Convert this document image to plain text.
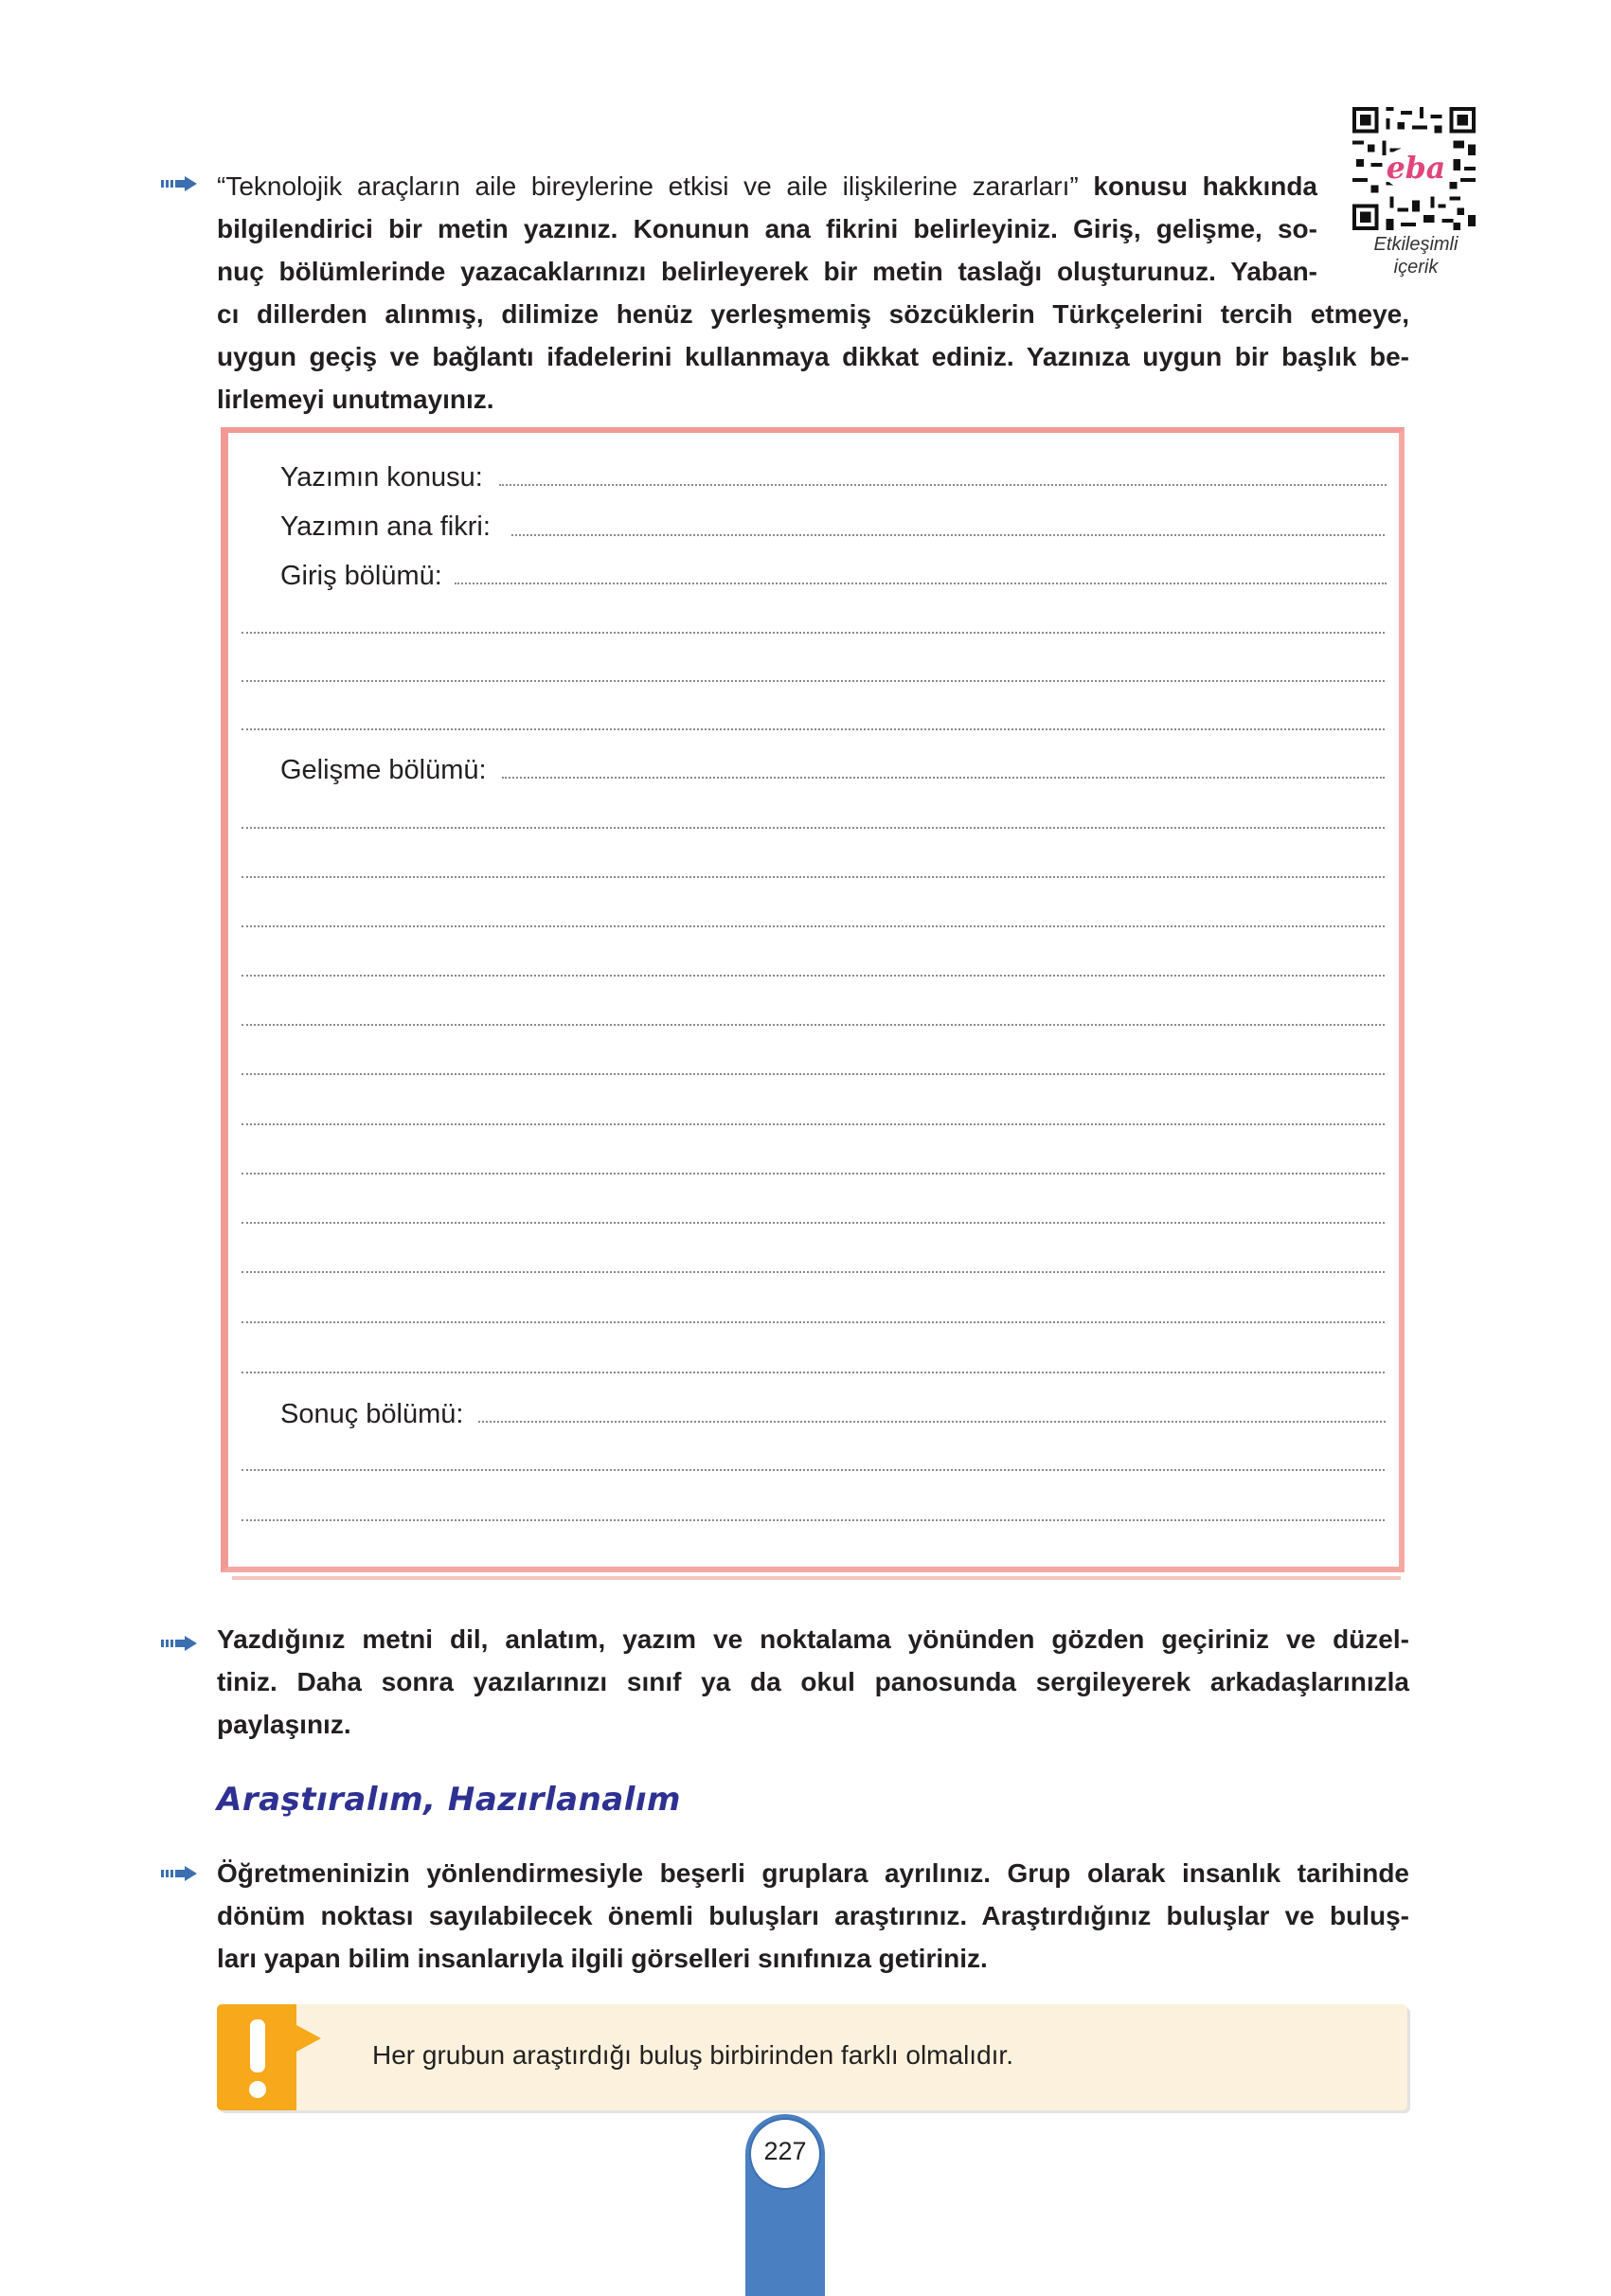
eba
Etkileşimli
içerik
“Teknolojik araçların aile bireylerine etkisi ve aile ilişkilerine zararları” konusu hakkında
bilgilendirici bir metin yazınız. Konunun ana fikrini belirleyiniz. Giriş, gelişme, so-
nuç bölümlerinde yazacaklarınızı belirleyerek bir metin taslağı oluşturunuz. Yaban-
cı dillerden alınmış, dilimize henüz yerleşmemiş sözcüklerin Türkçelerini tercih etmeye,
uygun geçiş ve bağlantı ifadelerini kullanmaya dikkat ediniz. Yazınıza uygun bir başlık be-
lirlemeyi unutmayınız.
Yazımın konusu:
Yazımın ana fikri:
Giriş bölümü:
Gelişme bölümü:
Sonuç bölümü:
Yazdığınız metni dil, anlatım, yazım ve noktalama yönünden gözden geçiriniz ve düzel-
tiniz. Daha sonra yazılarınızı sınıf ya da okul panosunda sergileyerek arkadaşlarınızla
paylaşınız.
Araştıralım, Hazırlanalım
Öğretmeninizin yönlendirmesiyle beşerli gruplara ayrılınız. Grup olarak insanlık tarihinde
dönüm noktası sayılabilecek önemli buluşları araştırınız. Araştırdığınız buluşlar ve buluş-
ları yapan bilim insanlarıyla ilgili görselleri sınıfınıza getiriniz.
Her grubun araştırdığı buluş birbirinden farklı olmalıdır.
227
